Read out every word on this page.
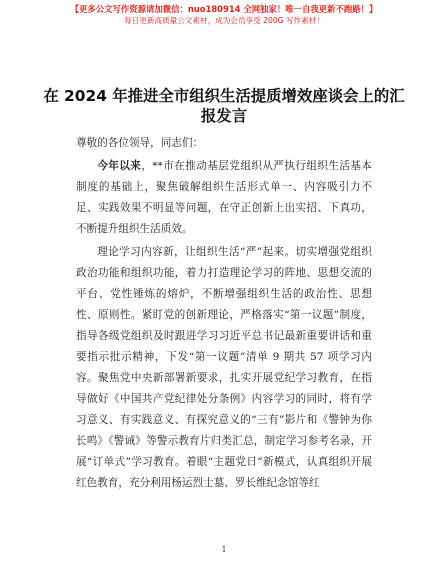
【更多公文写作资源请加微信：nuo180914 全网独家！唯一自我更新不跑路！】
每日更新高质量公文素材，成为会员享受 200G 写作素材！
在 2024 年推进全市组织生活提质增效座谈会上的汇报发言
尊敬的各位领导，同志们：
今年以来，**市在推动基层党组织从严执行组织生活基本制度的基础上，聚焦破解组织生活形式单一、内容吸引力不足、实践效果不明显等问题，在守正创新上出实招、下真功，不断提升组织生活质效。
理论学习内容新，让组织生活“严”起来。切实增强党组织政治功能和组织功能，着力打造理论学习的阵地、思想交流的平台、党性锤炼的熔炉，不断增强组织生活的政治性、思想性、原则性。紧盯党的创新理论，严格落实“第一议题”制度，指导各级党组织及时跟进学习习近平总书记最新重要讲话和重要指示批示精神，下发“第一议题”清单 9 期共 57 项学习内容。聚焦党中央新部署新要求，扎实开展党纪学习教育，在指导做好《中国共产党纪律处分条例》内容学习的同时，将有学习意义、有实践意义、有探究意义的“三有”影片和《警钟为你长鸣》《警诫》等警示教育片归类汇总，制定学习参考名录，开展“订单式”学习教育。着眼“主题党日”新模式，认真组织开展红色教育，充分利用杨运烈士墓、罗长维纪念馆等红
1
